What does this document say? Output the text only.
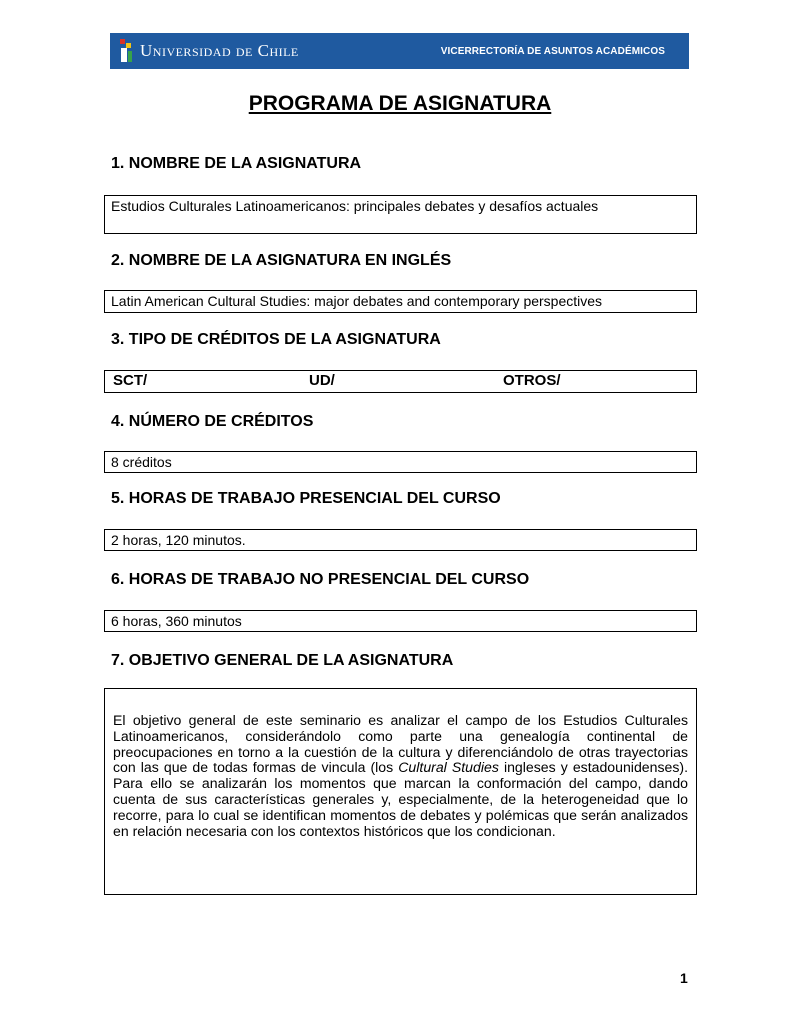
Universidad de Chile	VICERRECTORÍA DE ASUNTOS ACADÉMICOS
PROGRAMA DE ASIGNATURA
1. NOMBRE DE LA ASIGNATURA
Estudios Culturales Latinoamericanos: principales debates y desafíos actuales
2. NOMBRE DE LA ASIGNATURA EN INGLÉS
Latin American Cultural Studies: major debates and contemporary perspectives
3. TIPO DE CRÉDITOS DE LA ASIGNATURA
SCT/	UD/	OTROS/
4. NÚMERO DE CRÉDITOS
8 créditos
5. HORAS DE TRABAJO PRESENCIAL DEL CURSO
2 horas, 120 minutos.
6. HORAS DE TRABAJO NO PRESENCIAL DEL CURSO
6 horas, 360 minutos
7. OBJETIVO GENERAL DE LA ASIGNATURA
El objetivo general de este seminario es analizar el campo de los Estudios Culturales Latinoamericanos, considerándolo como parte una genealogía continental de preocupaciones en torno a la cuestión de la cultura y diferenciándolo de otras trayectorias con las que de todas formas de vincula (los Cultural Studies ingleses y estadounidenses). Para ello se analizarán los momentos que marcan la conformación del campo, dando cuenta de sus características generales y, especialmente, de la heterogeneidad que lo recorre, para lo cual se identifican momentos de debates y polémicas que serán analizados en relación necesaria con los contextos históricos que los condicionan.
1
